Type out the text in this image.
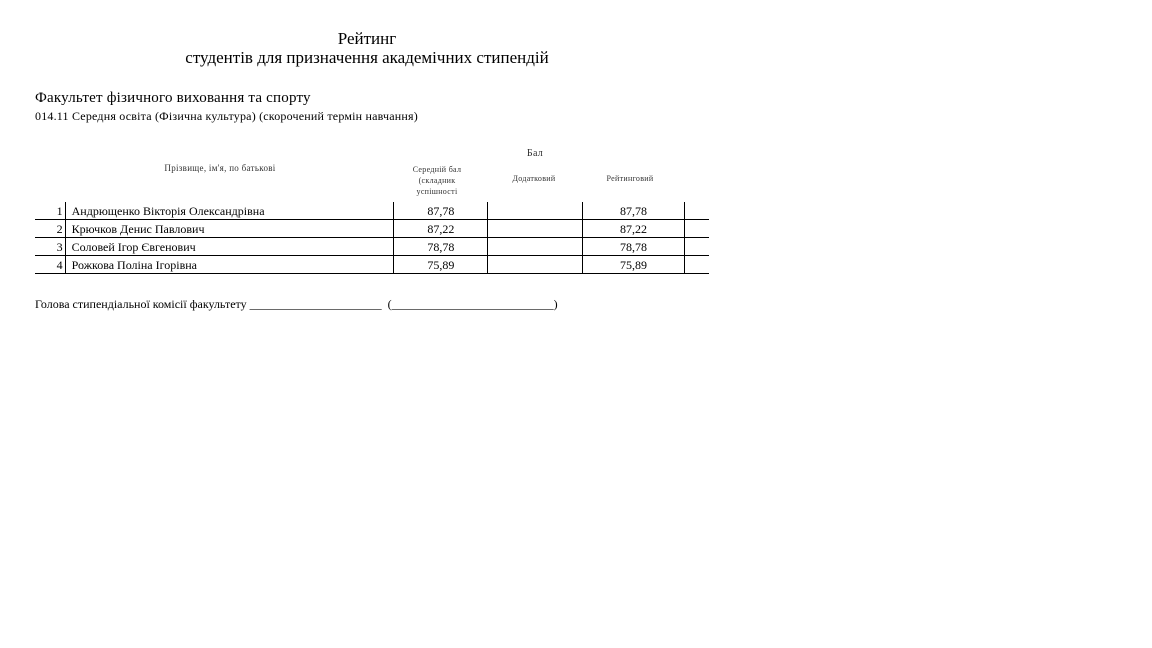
Рейтинг
студентів для призначення академічних стипендій
Факультет фізичного виховання та спорту
014.11 Середня освіта (Фізична культура) (скорочений термін навчання)
Прізвище, ім'я, по батькові
Бал
Середній бал
(складник
успішності
Додатковий	Рейтинговий
1	Андрющенко Вікторія Олександрівна	87,78		87,78	
2	Крючков Денис Павлович	87,22		87,22	
3	Соловей Ігор Євгенович	78,78		78,78	
4	Рожкова Поліна Ігорівна	75,89		75,89	
Голова стипендіальної комісії факультету ______________________  (___________________________)
